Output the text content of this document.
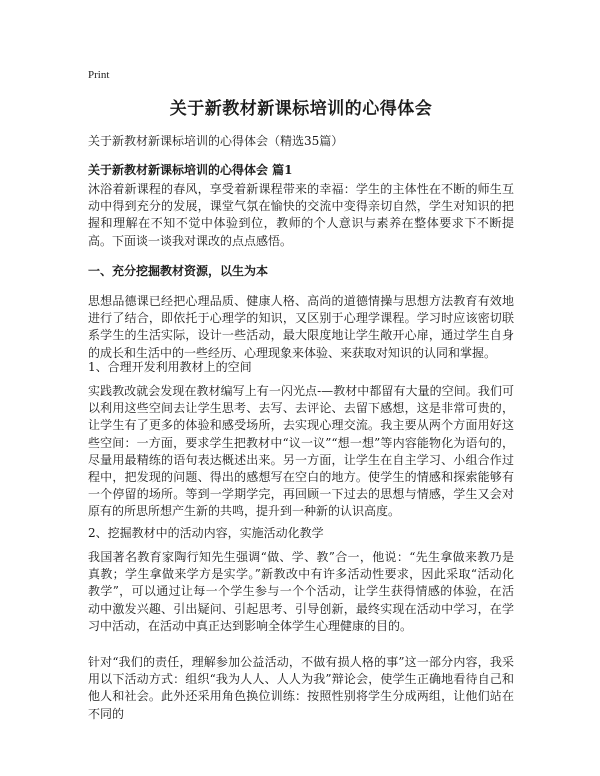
Print
关于新教材新课标培训的心得体会

关于新教材新课标培训的心得体会（精选35篇）

关于新教材新课标培训的心得体会 篇1

沐浴着新课程的春风，享受着新课程带来的幸福：学生的主体性在不断的师生互动中得到充分的发展，课堂气氛在愉快的交流中变得亲切自然，学生对知识的把握和理解在不知不觉中体验到位，教师的个人意识与素养在整体要求下不断提高。下面谈一谈我对课改的点点感悟。

一、充分挖掘教材资源，以生为本

思想品德课已经把心理品质、健康人格、高尚的道德情操与思想方法教育有效地进行了结合，即依托于心理学的知识，又区别于心理学课程。学习时应该密切联系学生的生活实际，设计一些活动，最大限度地让学生敞开心扉，通过学生自身的成长和生活中的一些经历、心理现象来体验、来获取对知识的认同和掌握。

1、合理开发利用教材上的空间

实践教改就会发现在教材编写上有一闪光点-—教材中都留有大量的空间。我们可以利用这些空间去让学生思考、去写、去评论、去留下感想，这是非常可贵的，让学生有了更多的体验和感受场所，去实现心理交流。我主要从两个方面用好这些空间：一方面，要求学生把教材中“议一议”“想一想”等内容能物化为语句的，尽量用最精练的语句表达概述出来。另一方面，让学生在自主学习、小组合作过程中，把发现的问题、得出的感想写在空白的地方。使学生的情感和探索能够有一个停留的场所。等到一学期学完，再回顾一下过去的思想与情感，学生又会对原有的所思所想产生新的共鸣，提升到一种新的认识高度。

2、挖掘教材中的活动内容，实施活动化教学

我国著名教育家陶行知先生强调“做、学、教”合一，他说：“先生拿做来教乃是真教；学生拿做来学方是实学。”新教改中有许多活动性要求，因此采取“活动化教学”，可以通过让每一个学生参与一个个活动，让学生获得情感的体验，在活动中激发兴趣、引出疑问、引起思考、引导创新，最终实现在活动中学习，在学习中活动，在活动中真正达到影响全体学生心理健康的目的。

针对“我们的责任，理解参加公益活动，不做有损人格的事”这一部分内容，我采用以下活动方式：组织“我为人人、人人为我”辩论会，使学生正确地看待自己和他人和社会。此外还采用角色换位训练：按照性别将学生分成两组，让他们站在不同的
